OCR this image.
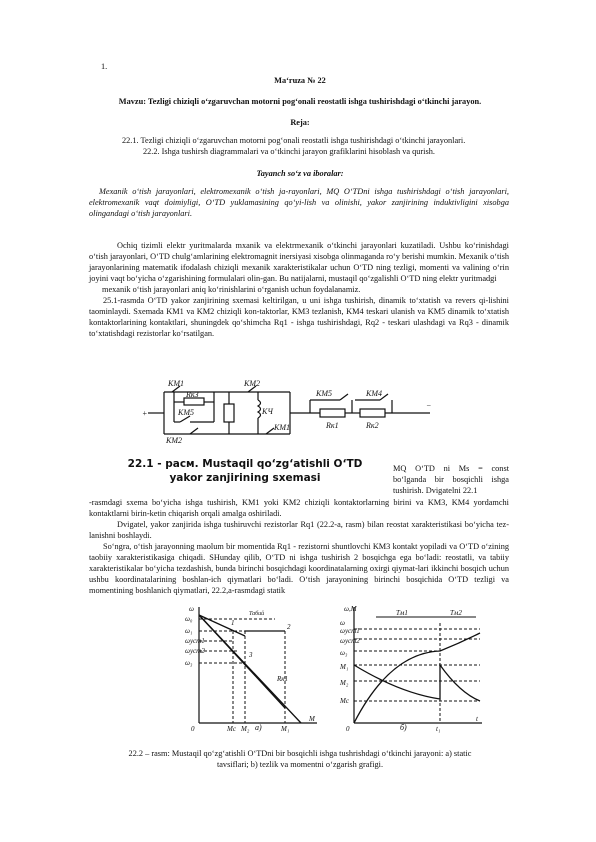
1.
Ma‘ruza № 22
Mavzu: Tezligi chiziqli o‘zgaruvchan motorni pog‘onali reostatli ishga tushirishdagi o‘tkinchi jarayon.
Reja:
22.1. Tezligi chiziqli o‘zgaruvchan motorni pog‘onali reostatli ishga tushirishdagi o‘tkinchi jarayonlari.
22.2. Ishga tushirsh diagrammalari va o‘tkinchi jarayon grafiklarini hisoblash va qurish.
Tayanch so‘z va iboralar:
Mexanik o‘tish jarayonlari, elektromexanik o‘tish ja-rayonlari, MQ O‘TDni ishga tushirishdagi o‘tish jarayonlari, elektromexanik vaqt doimiyligi, O‘TD yuklamasining qo‘yi-lish va olinishi, yakor zanjirining induktivligini xisobga olingandagi o‘tish jarayonlari.
Ochiq tizimli elektr yuritmalarda mxanik va elektrmexanik o‘tkinchi jarayonlari kuzatiladi. Ushbu ko‘rinishdagi o‘tish jarayonlari, O‘TD chulg‘amlarining elektromagnit inersiyasi xisobga olinmaganda ro‘y berishi mumkin. Mexanik o‘tish jarayonlarining matematik ifodalash chiziqli mexanik xarakteristikalar uchun O‘TD ning tezligi, momenti va valining o‘rin joyini vaqt bo‘yicha o‘zgarishining formulalari olin-gan. Bu natijalarni, mustaqil qo‘zgalishli O‘TD ning elektr yuritmadgi
mexanik o‘tish jarayonlari aniq ko‘rinishlarini o‘rganish uchun foydalanamiz.
25.1-rasmda O‘TD yakor zanjirining sxemasi keltirilgan, u uni ishga tushirish, dinamik to‘xtatish va revers qi-lishini taominlaydi. Sxemada KM1 va KM2 chiziqli kon-taktorlar, KM3 tezlanish, KM4 teskari ulanish va KM5 dinamik to‘xtatish kontaktorlarining kontaktlari, shuningdek qo‘shimcha Rq1 - ishga tushirishdagi, Rq2 - teskari ulashdagi va Rq3 - dinamik to‘xtatishdagi rezistorlar ko‘rsatilgan.
+
−
KM1	KM2
Rк3
KM5
KM2
КЧ
KM1
KM5	KM4
Rк1	Rк2
22.1 - расм. Mustaqil qo‘zg‘atishli O‘TD yakor zanjirining sxemasi
MQ O‘TD ni Ms = const bo‘lganda bir bosqichli ishga tushirish. Dvigatelni 22.1
-rasmdagi sxema bo‘yicha ishga tushirish, KM1 yoki KM2 chiziqli kontaktorlarning birini va KM3, KM4 yordamchi kontaktlarni birin-ketin chiqarish orqali amalga oshiriladi.
Dvigatel, yakor zanjirida ishga tushiruvchi rezistorlar Rq1 (22.2-a, rasm) bilan reostat xarakteristikasi bo‘yicha tez-lanishni boshlaydi.
So‘ngra, o‘tish jarayonning maolum bir momentida Rq1 - rezistorni shuntlovchi KM3 kontakt yopiladi va O‘TD o‘zining taobiiy xarakteristikasiga chiqadi. SHunday qilib, O‘TD ni ishga tushirish 2 bosqichga ega bo‘ladi: reostatli, va tabiiy xarakteristikalar bo‘yicha tezdashish, bunda birinchi bosqichdagi koordinatalarning oxirgi qiymat-lari ikkinchi bosqich uchun ushbu koordinatalarining boshlan-ich qiymatlari bo‘ladi. O‘tish jarayonining birinchi bosqichida O‘TD tezligi va momentining boshlanich qiymatlari, 22.2,a-rasmdagi statik
ω
ω₀
ω₁
ωуст1
ωуст2
ω₃
0	Mc M₂	M₁
M
1	2
3
Табий
Rк1
a)
ω,M
ω
ωуст1
ωуст2
ω₃
M₁
M₂
Mc
0
t
Tм1	Tм2
t₁
б)
22.2 – rasm: Mustaqil qo‘zg‘atishli O‘TDni bir bosqichli ishga tushrishdagi o‘tkinchi jarayoni: a) static
tavsiflari; b) tezlik va momentni o‘zgarish grafigi.
